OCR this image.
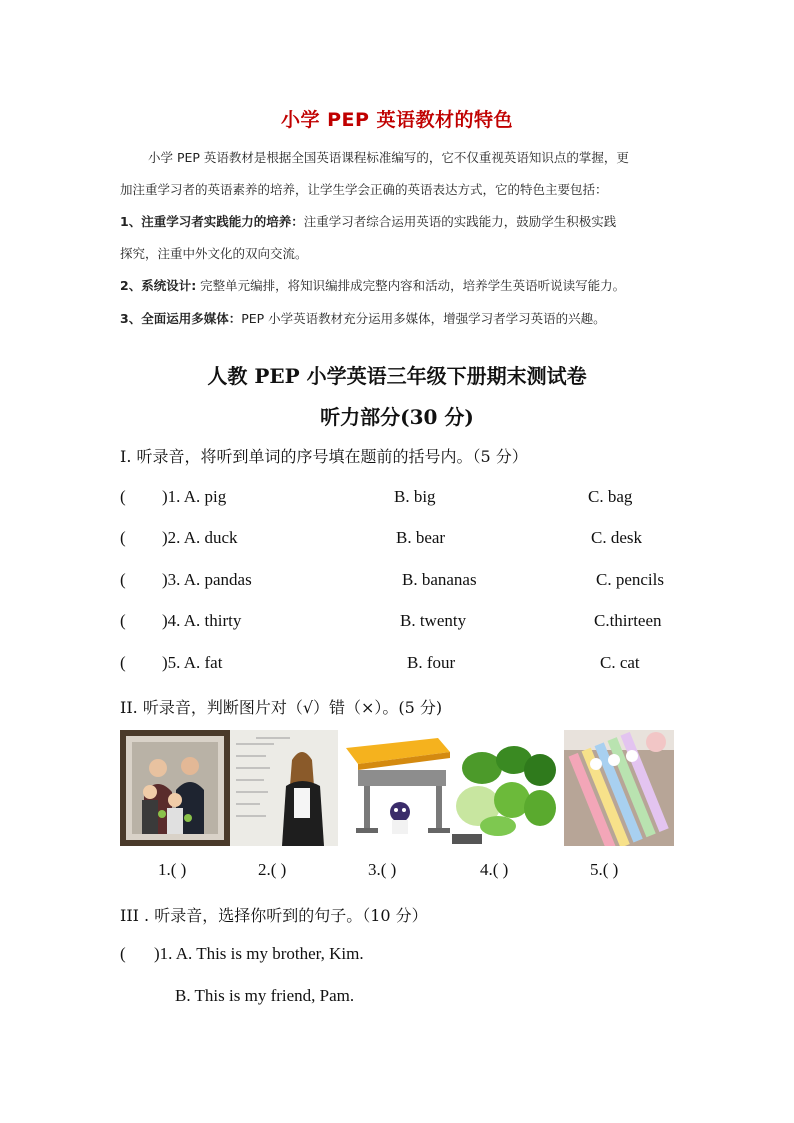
小学 PEP 英语教材的特色
小学 PEP 英语教材是根据全国英语课程标准编写的，它不仅重视英语知识点的掌握，更
加注重学习者的英语素养的培养，让学生学会正确的英语表达方式，它的特色主要包括：
1、注重学习者实践能力的培养：注重学习者综合运用英语的实践能力，鼓励学生积极实践
探究，注重中外文化的双向交流。
2、系统设计: 完整单元编排，将知识编排成完整内容和活动，培养学生英语听说读写能力。
3、全面运用多媒体：PEP 小学英语教材充分运用多媒体，增强学习者学习英语的兴趣。
人教 PEP 小学英语三年级下册期末测试卷
听力部分(30 分)
Ⅰ. 听录音，将听到单词的序号填在题前的括号内。（5 分）
( )1. A. pig	B. big	C. bag
( )2. A. duck	B. bear	C. desk
( )3. A. pandas	B. bananas	C. pencils
( )4. A. thirty	B. twenty	C.thirteen
( )5. A. fat	B. four	C. cat
II. 听录音，判断图片对（√）错（×）。(5 分)
1.( )	2.( )	3.( )	4.( )	5.( )
III . 听录音，选择你听到的句子。（10 分）
( )1. A. This is my brother, Kim.
B. This is my friend, Pam.
